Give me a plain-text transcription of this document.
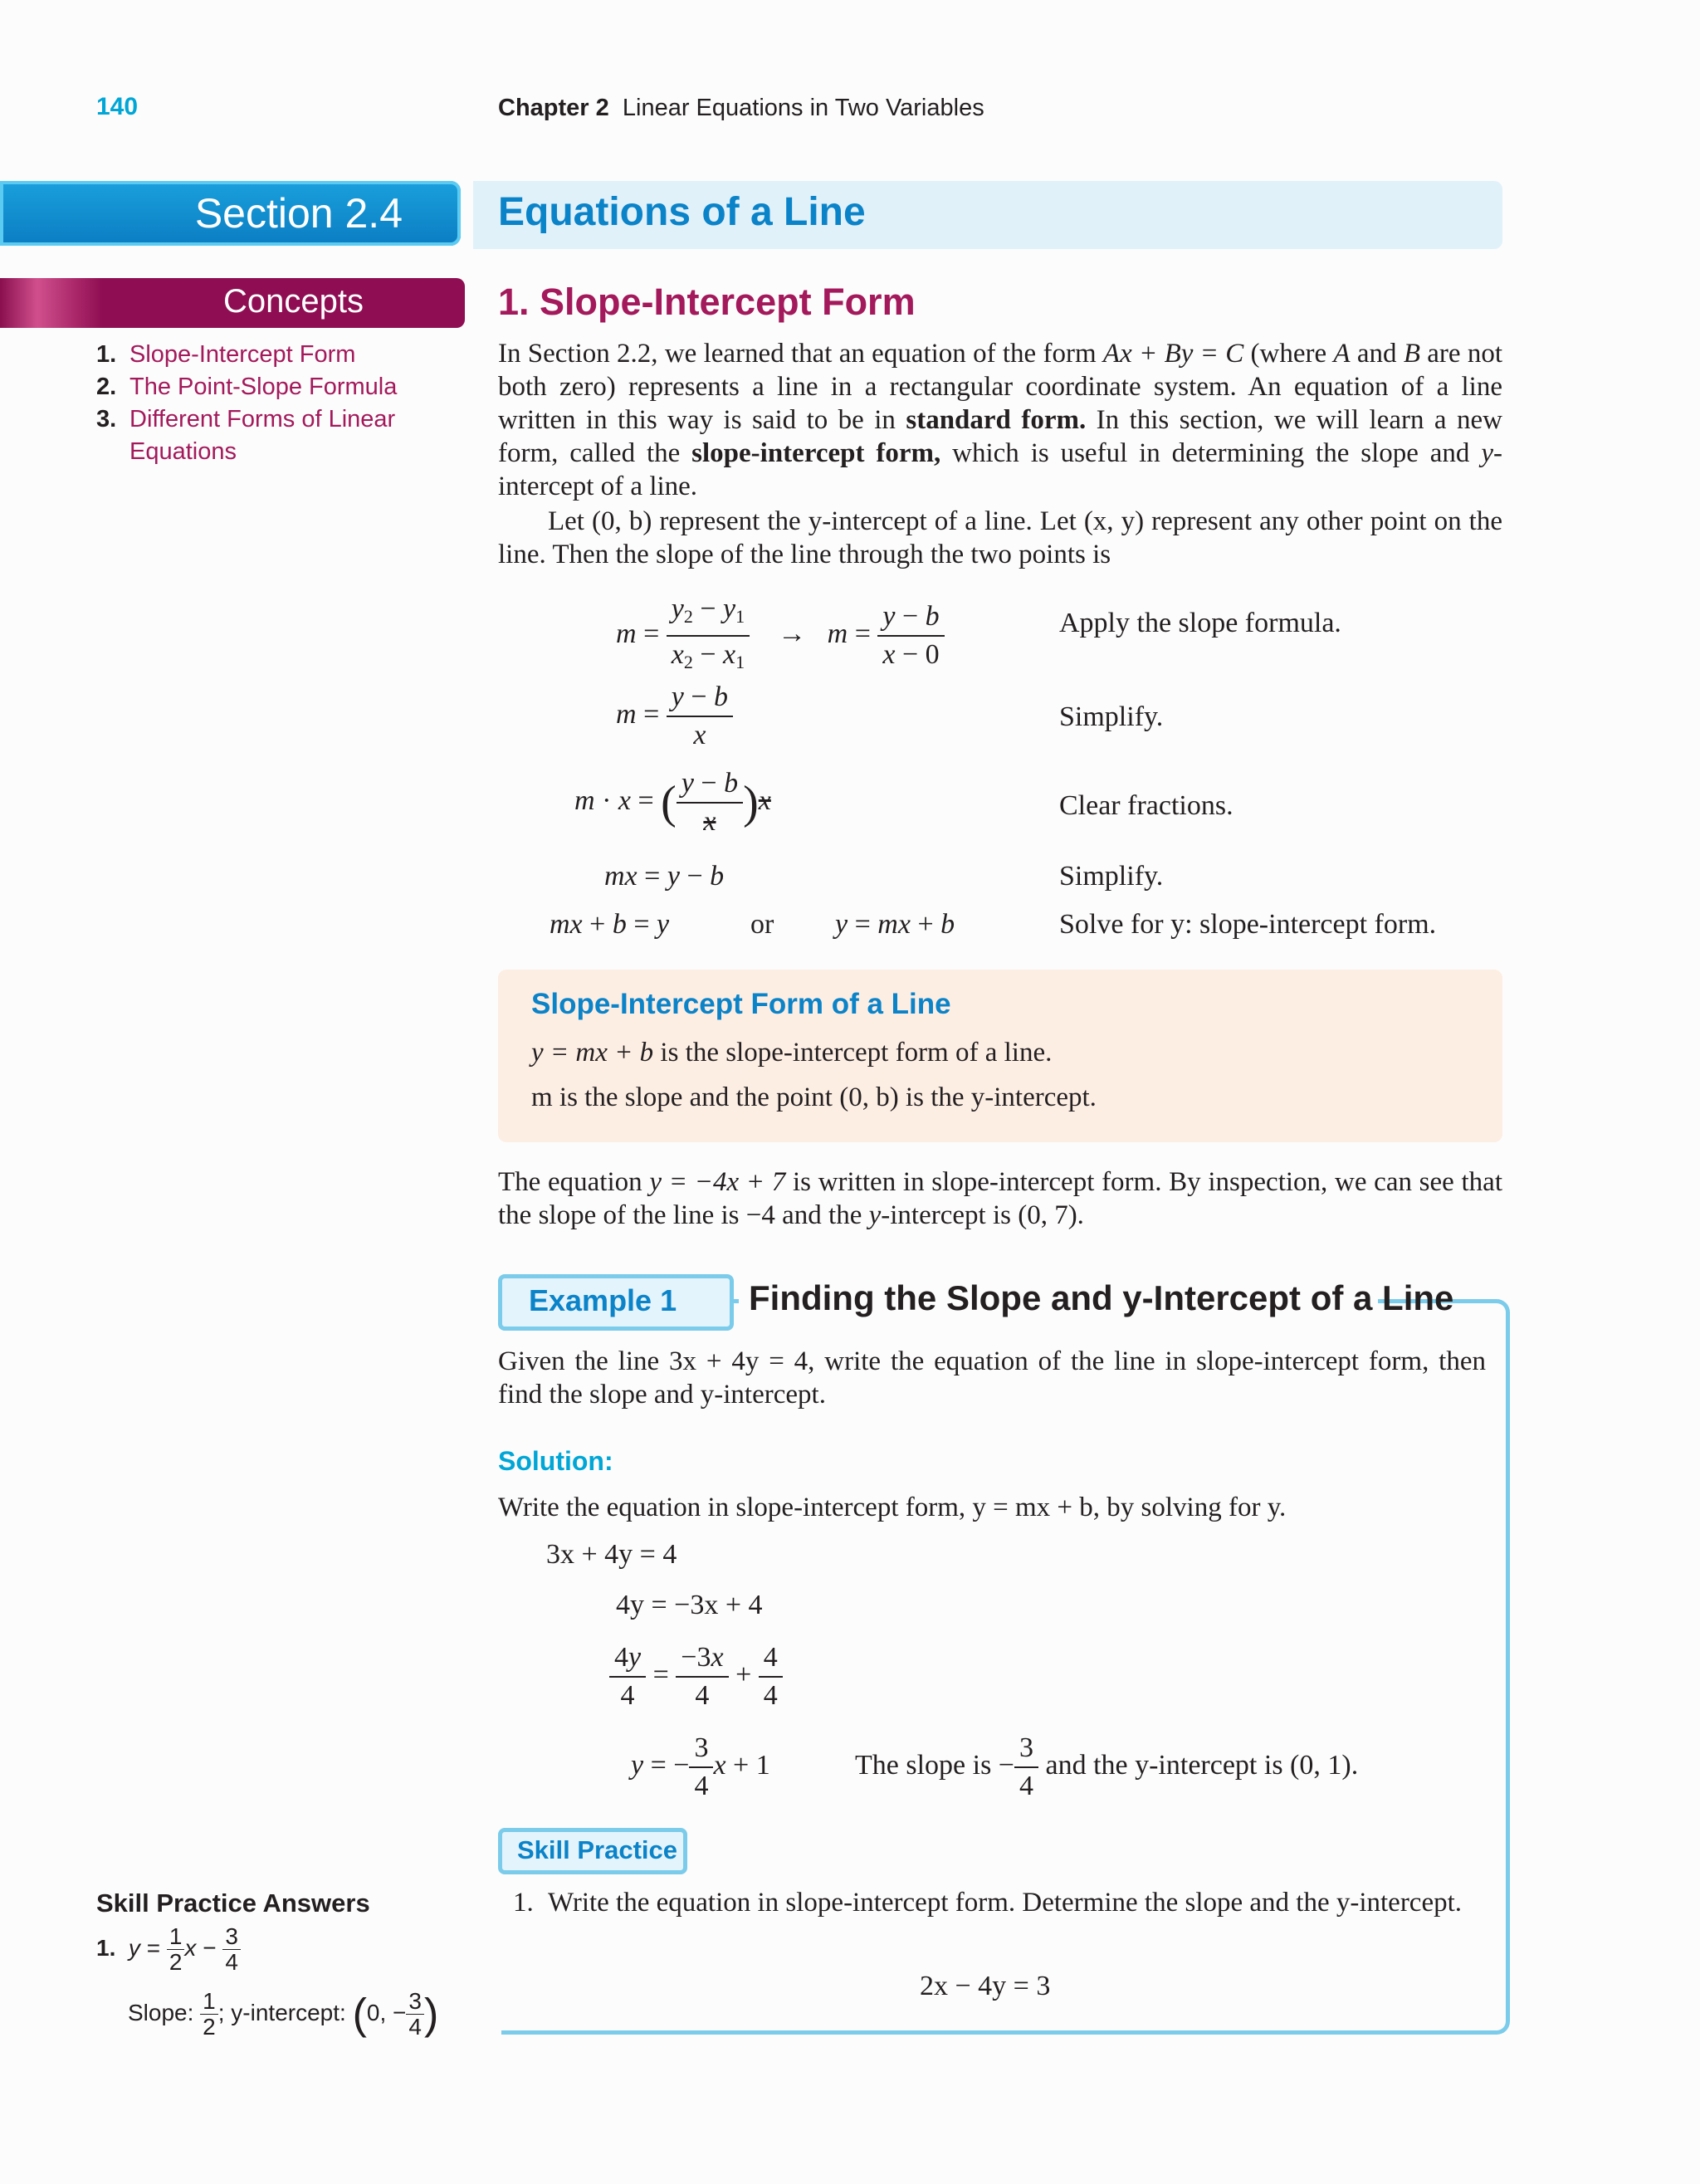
140	Chapter 2 Linear Equations in Two Variables
Section 2.4 Equations of a Line
Concepts
1. Slope-Intercept Form
2. The Point-Slope Formula
3. Different Forms of Linear Equations
1. Slope-Intercept Form

In Section 2.2, we learned that an equation of the form Ax + By = C (where A and B are not both zero) represents a line in a rectangular coordinate system. An equation of a line written in this way is said to be in standard form. In this section, we will learn a new form, called the slope-intercept form, which is useful in determining the slope and y-intercept of a line.

Let (0, b) represent the y-intercept of a line. Let (x, y) represent any other point on the line. Then the slope of the line through the two points is

$m = \frac{y_2 - y_1}{x_2 - x_1} \to m = \frac{y - b}{x - 0}$	Apply the slope formula.
$m = \frac{y - b}{x}$	Simplify.
m · x = ( $\frac{y - b}{x} )x$	Clear fractions.
mx = y − b	Simplify.
mx + b = y	or y = mx + b	Solve for y: slope-intercept form.
Slope-Intercept Form of a Line
y = mx + b is the slope-intercept form of a line.
m is the slope and the point (0, b) is the y-intercept.

The equation y = −4x + 7 is written in slope-intercept form. By inspection, we can see that the slope of the line is −4 and the y-intercept is (0, 7).

Example 1 Finding the Slope and y-Intercept of a Line

Given the line 3x + 4y = 4, write the equation of the line in slope-intercept form, then find the slope and y-intercept.

Solution:

Write the equation in slope-intercept form, y = mx + b, by solving for y.

3x + 4y = 4
4y = −3x + 4
$\frac{4y}{4} = \frac{-3x}{4} + \frac{4}{4}$
y = − $\frac{3}{4}$ x + 1	The slope is − $\frac{3}{4}$ and the y-intercept is (0, 1).
Skill Practice
1. Write the equation in slope-intercept form. Determine the slope and the y-intercept.
2x − 4y = 3
Skill Practice Answers
1. $y = \frac{1}{2}$ $x - \frac{3}{4}$
Slope: $\frac{1}{2}$ ; y-intercept: (0, − $\frac{3}{4}$ )
